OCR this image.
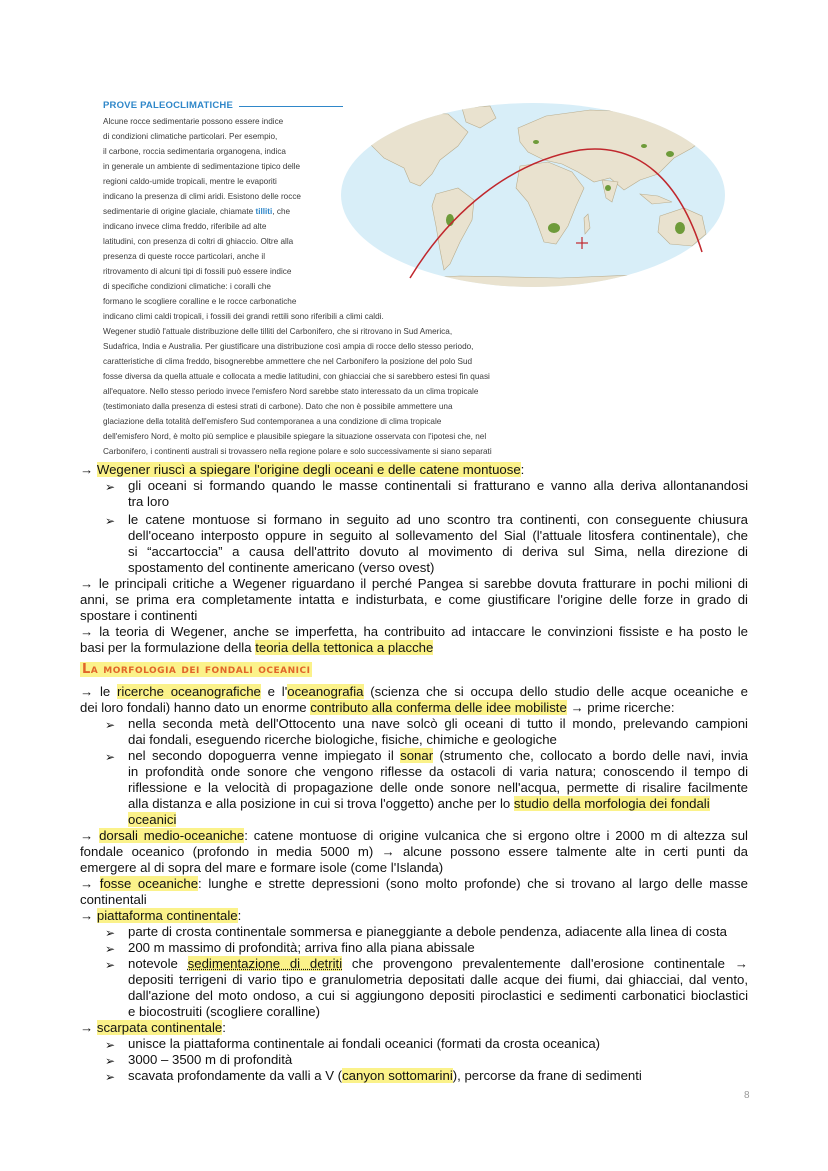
PROVE PALEOCLIMATICHE
Alcune rocce sedimentarie possono essere indice
di condizioni climatiche particolari. Per esempio,
il carbone, roccia sedimentaria organogena, indica
in generale un ambiente di sedimentazione tipico delle
regioni caldo-umide tropicali, mentre le evaporiti
indicano la presenza di climi aridi. Esistono delle rocce
sedimentarie di origine glaciale, chiamate tilliti, che
indicano invece clima freddo, riferibile ad alte
latitudini, con presenza di coltri di ghiaccio. Oltre alla
presenza di queste rocce particolari, anche il
ritrovamento di alcuni tipi di fossili può essere indice
di specifiche condizioni climatiche: i coralli che
formano le scogliere coralline e le rocce carbonatiche
indicano climi caldi tropicali, i fossili dei grandi rettili sono riferibili a climi caldi.
Wegener studiò l'attuale distribuzione delle tilliti del Carbonifero, che si ritrovano in Sud America,
Sudafrica, India e Australia. Per giustificare una distribuzione così ampia di rocce dello stesso periodo,
caratteristiche di clima freddo, bisognerebbe ammettere che nel Carbonifero la posizione del polo Sud
fosse diversa da quella attuale e collocata a medie latitudini, con ghiacciai che si sarebbero estesi fin quasi
all'equatore. Nello stesso periodo invece l'emisfero Nord sarebbe stato interessato da un clima tropicale
(testimoniato dalla presenza di estesi strati di carbone). Dato che non è possibile ammettere una
glaciazione della totalità dell'emisfero Sud contemporanea a una condizione di clima tropicale
dell'emisfero Nord, è molto più semplice e plausibile spiegare la situazione osservata con l'ipotesi che, nel
Carbonifero, i continenti australi si trovassero nella regione polare e solo successivamente si siano separati
→ Wegener riuscì a spiegare l'origine degli oceani e delle catene montuose:
➢ gli oceani si formando quando le masse continentali si fratturano e vanno alla deriva allontanandosi
tra loro
➢ le catene montuose si formano in seguito ad uno scontro tra continenti, con conseguente chiusura
dell'oceano interposto oppure in seguito al sollevamento del Sial (l'attuale litosfera continentale), che
si “accartoccia” a causa dell'attrito dovuto al movimento di deriva sul Sima, nella direzione di
spostamento del continente americano (verso ovest)
→ le principali critiche a Wegener riguardano il perché Pangea si sarebbe dovuta fratturare in pochi milioni di
anni, se prima era completamente intatta e indisturbata, e come giustificare l'origine delle forze in grado di
spostare i continenti
→ la teoria di Wegener, anche se imperfetta, ha contribuito ad intaccare le convinzioni fissiste e ha posto le
basi per la formulazione della teoria della tettonica a placche
La morfologia dei fondali oceanici
→ le ricerche oceanografiche e l'oceanografia (scienza che si occupa dello studio delle acque oceaniche e
dei loro fondali) hanno dato un enorme contributo alla conferma delle idee mobiliste → prime ricerche:
➢ nella seconda metà dell'Ottocento una nave solcò gli oceani di tutto il mondo, prelevando campioni
dai fondali, eseguendo ricerche biologiche, fisiche, chimiche e geologiche
➢ nel secondo dopoguerra venne impiegato il sonar (strumento che, collocato a bordo delle navi, invia
in profondità onde sonore che vengono riflesse da ostacoli di varia natura; conoscendo il tempo di
riflessione e la velocità di propagazione delle onde sonore nell'acqua, permette di risalire facilmente
alla distanza e alla posizione in cui si trova l'oggetto) anche per lo studio della morfologia dei fondali
oceanici
→ dorsali medio-oceaniche: catene montuose di origine vulcanica che si ergono oltre i 2000 m di altezza sul
fondale oceanico (profondo in media 5000 m) → alcune possono essere talmente alte in certi punti da
emergere al di sopra del mare e formare isole (come l'Islanda)
→ fosse oceaniche: lunghe e strette depressioni (sono molto profonde) che si trovano al largo delle masse
continentali
→ piattaforma continentale:
➢ parte di crosta continentale sommersa e pianeggiante a debole pendenza, adiacente alla linea di costa
➢ 200 m massimo di profondità; arriva fino alla piana abissale
➢ notevole sedimentazione di detriti che provengono prevalentemente dall'erosione continentale →
depositi terrigeni di vario tipo e granulometria depositati dalle acque dei fiumi, dai ghiacciai, dal vento,
dall'azione del moto ondoso, a cui si aggiungono depositi piroclastici e sedimenti carbonatici bioclastici
e biocostruiti (scogliere coralline)
→ scarpata continentale:
➢ unisce la piattaforma continentale ai fondali oceanici (formati da crosta oceanica)
➢ 3000 – 3500 m di profondità
➢ scavata profondamente da valli a V (canyon sottomarini), percorse da frane di sedimenti
8
